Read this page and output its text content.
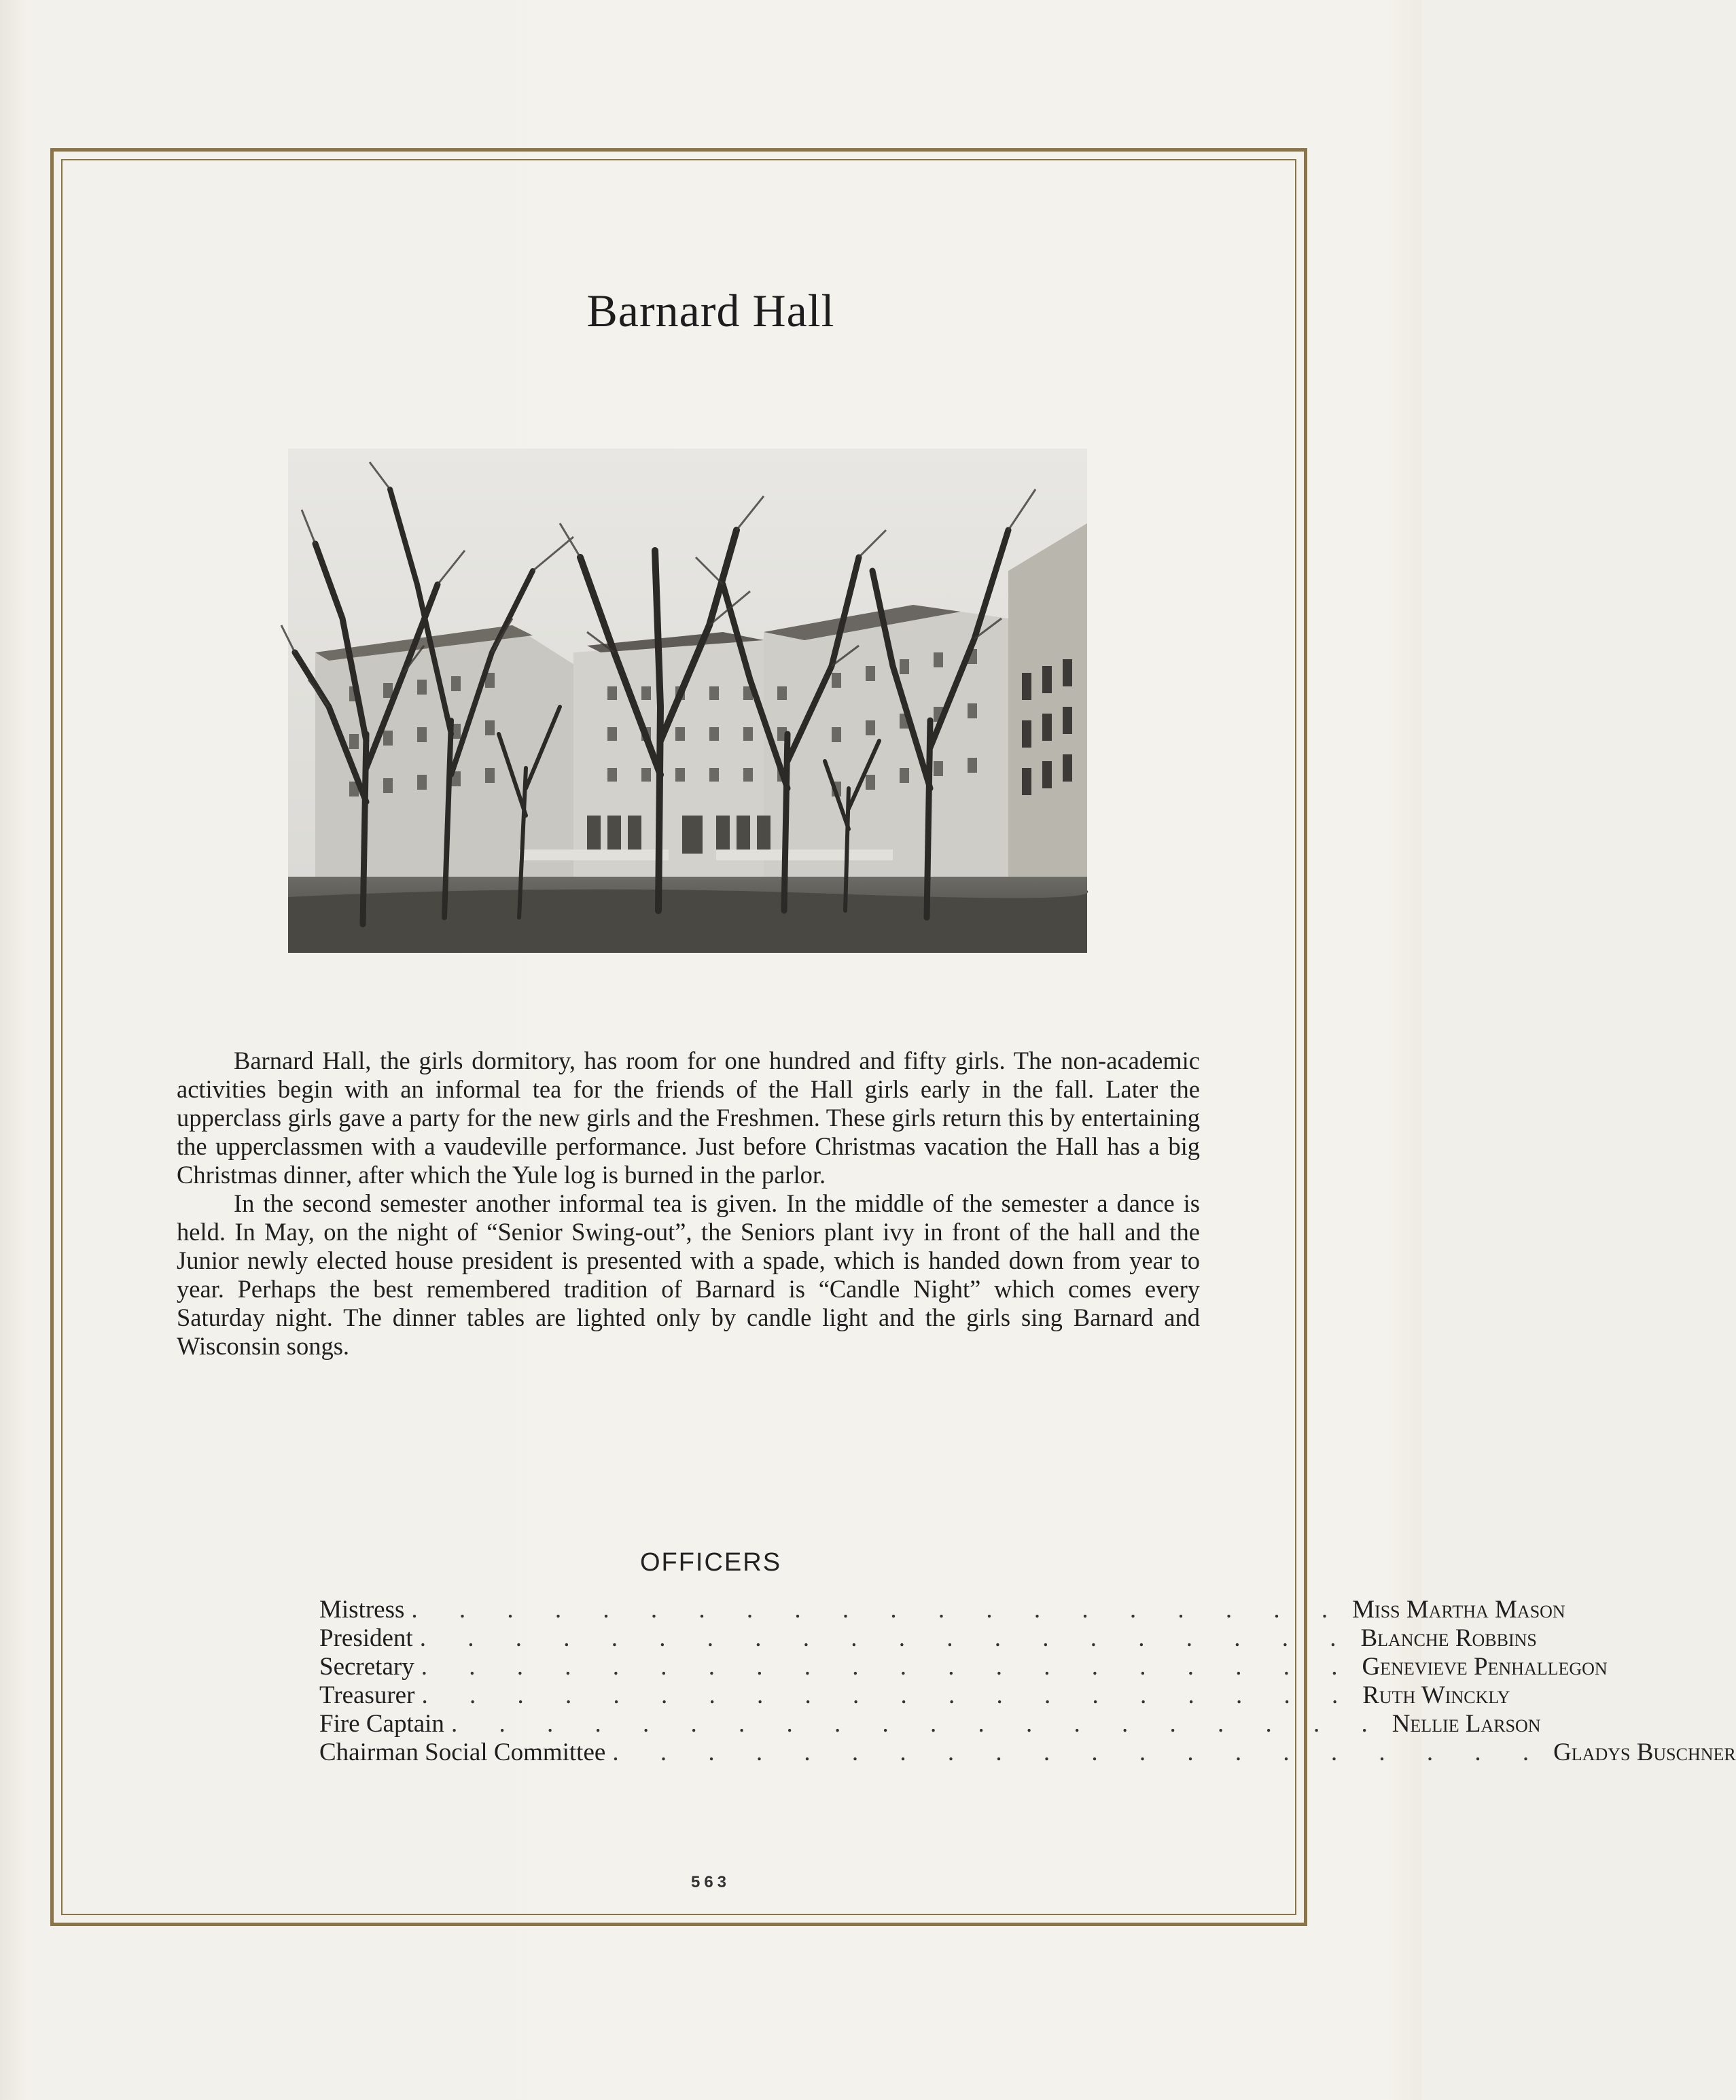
Barnard Hall

Barnard Hall, the girls dormitory, has room for one hundred and fifty girls. The non-academic activities begin with an informal tea for the friends of the Hall girls early in the fall. Later the upperclass girls gave a party for the new girls and the Freshmen. These girls return this by entertaining the upperclassmen with a vaudeville performance. Just before Christmas vacation the Hall has a big Christmas dinner, after which the Yule log is burned in the parlor.

In the second semester another informal tea is given. In the middle of the semester a dance is held. In May, on the night of “Senior Swing-out”, the Seniors plant ivy in front of the hall and the Junior newly elected house president is presented with a spade, which is handed down from year to year. Perhaps the best remembered tradition of Barnard is “Candle Night” which comes every Saturday night. The dinner tables are lighted only by candle light and the girls sing Barnard and Wisconsin songs.

OFFICERS
Mistress . . . . . . . . . . . . . . . . . . . . Miss Martha Mason
President . . . . . . . . . . . . . . . . . . . . Blanche Robbins
Secretary . . . . . . . . . . . . . . . . . . . . Genevieve Penhallegon
Treasurer . . . . . . . . . . . . . . . . . . . . Ruth Winckly
Fire Captain . . . . . . . . . . . . . . . . . . . . Nellie Larson
Chairman Social Committee . . . . . . . . . . . . . . . . . . . . Gladys Buschner
563
